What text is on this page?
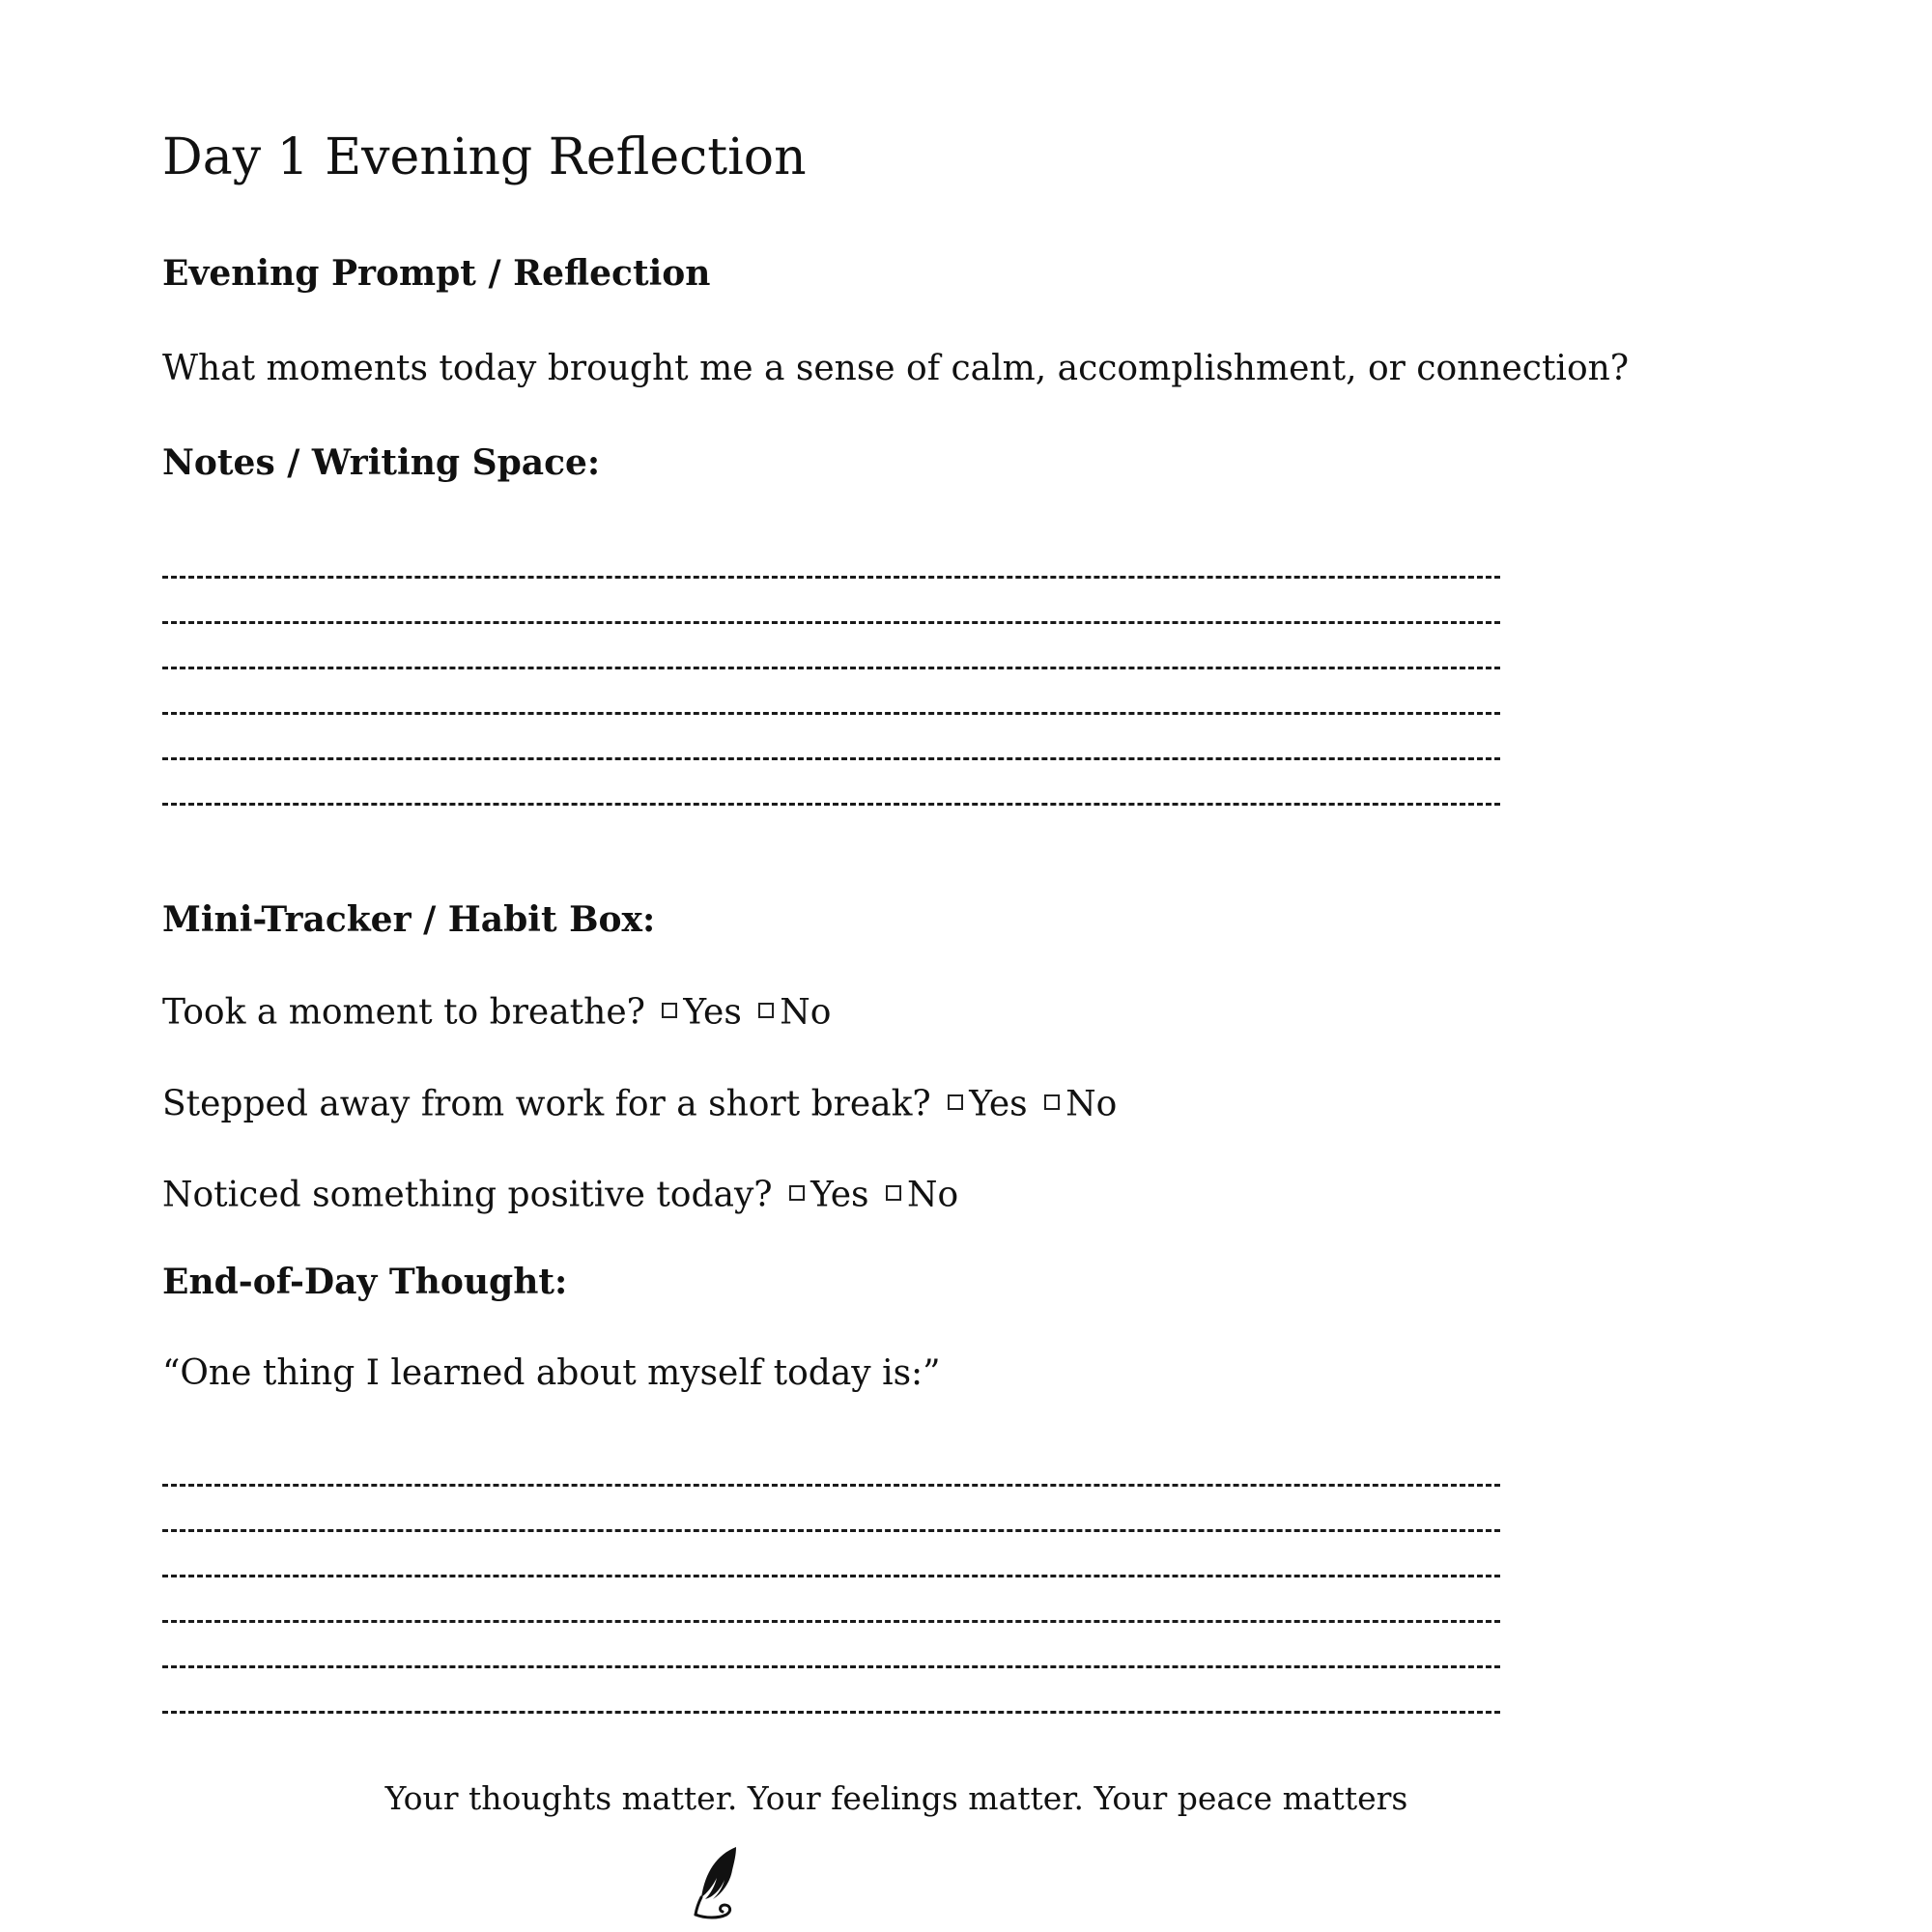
Day 1 Evening Reflection
Evening Prompt / Reflection

What moments today brought me a sense of calm, accomplishment, or connection?

Notes / Writing Space:
Mini-Tracker / Habit Box:
Took a moment to breathe? Yes No
Stepped away from work for a short break? Yes No
Noticed something positive today? Yes No
End-of-Day Thought:

“One thing I learned about myself today is:”

Your thoughts matter. Your feelings matter. Your peace matters
